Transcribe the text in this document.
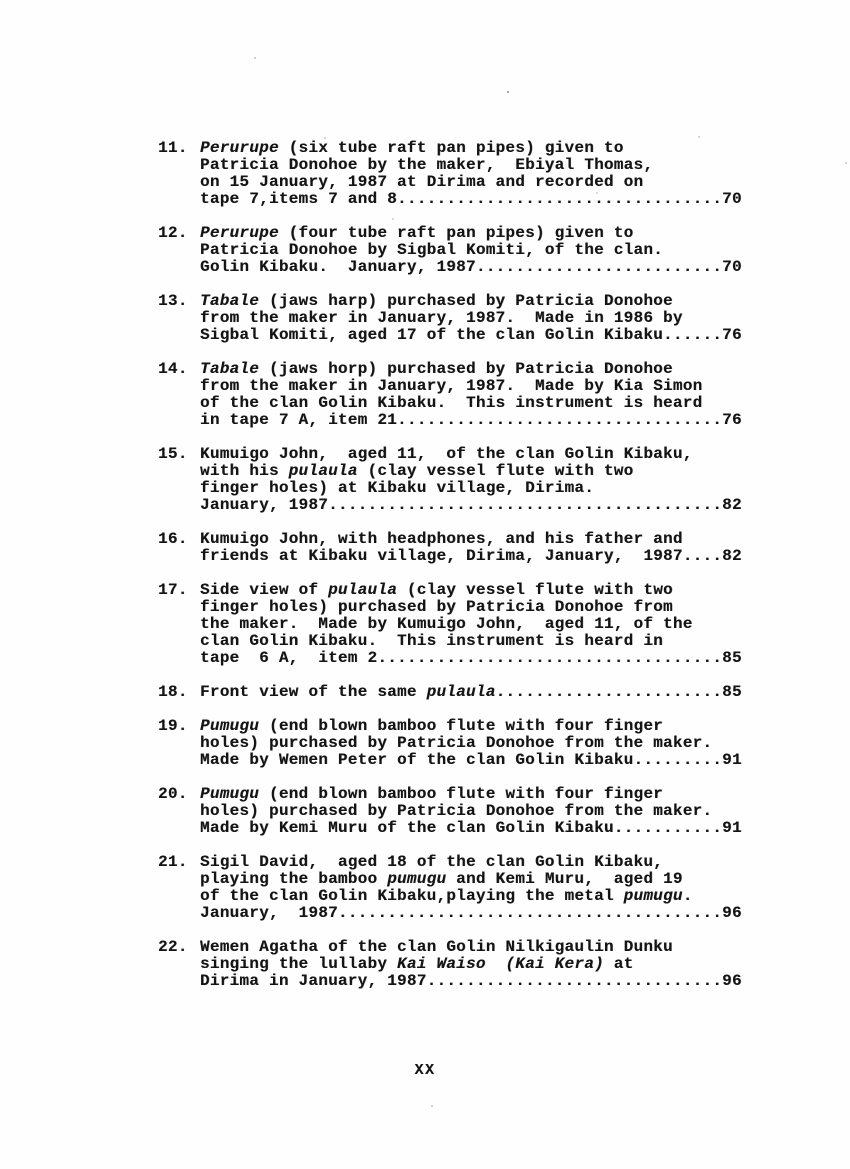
11. Perurupe (six tube raft pan pipes) given to
Patricia Donohoe by the maker,  Ebiyal Thomas,
on 15 January, 1987 at Dirima and recorded on
tape 7,items 7 and 8.................................70
12. Perurupe (four tube raft pan pipes) given to
Patricia Donohoe by Sigbal Komiti, of the clan.
Golin Kibaku.  January, 1987.........................70
13. Tabale (jaws harp) purchased by Patricia Donohoe
from the maker in January, 1987.  Made in 1986 by
Sigbal Komiti, aged 17 of the clan Golin Kibaku......76
14. Tabale (jaws horp) purchased by Patricia Donohoe
from the maker in January, 1987.  Made by Kia Simon
of the clan Golin Kibaku.  This instrument is heard
in tape 7 A, item 21.................................76
15. Kumuigo John,  aged 11,  of the clan Golin Kibaku,
with his pulaula (clay vessel flute with two
finger holes) at Kibaku village, Dirima.
January, 1987........................................82
16. Kumuigo John, with headphones, and his father and
friends at Kibaku village, Dirima, January,  1987....82
17. Side view of pulaula (clay vessel flute with two
finger holes) purchased by Patricia Donohoe from
the maker.  Made by Kumuigo John,  aged 11, of the
clan Golin Kibaku.  This instrument is heard in
tape  6 A,  item 2...................................85
18. Front view of the same pulaula.......................85
19. Pumugu (end blown bamboo flute with four finger
holes) purchased by Patricia Donohoe from the maker.
Made by Wemen Peter of the clan Golin Kibaku.........91
20. Pumugu (end blown bamboo flute with four finger
holes) purchased by Patricia Donohoe from the maker.
Made by Kemi Muru of the clan Golin Kibaku...........91
21. Sigil David,  aged 18 of the clan Golin Kibaku,
playing the bamboo pumugu and Kemi Muru,  aged 19
of the clan Golin Kibaku,playing the metal pumugu.
January,  1987.......................................96
22. Wemen Agatha of the clan Golin Nilkigaulin Dunku
singing the lullaby Kai Waiso  (Kai Kera) at
Dirima in January, 1987..............................96
XX
